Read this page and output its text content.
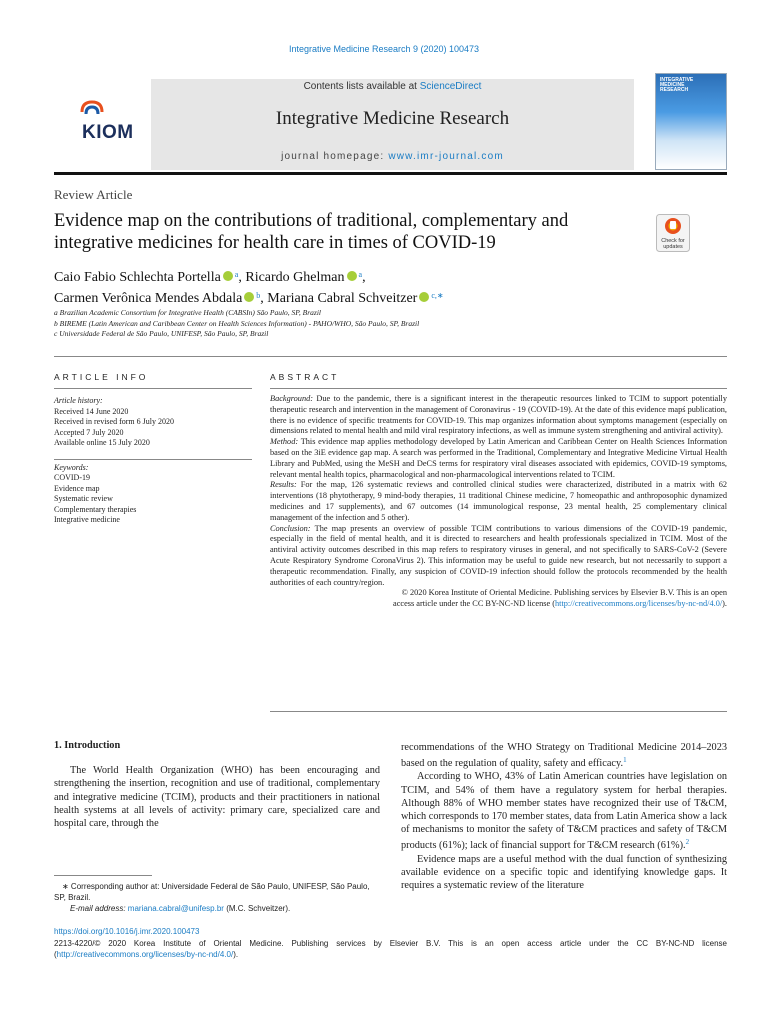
Integrative Medicine Research 9 (2020) 100473
KIOM
Contents lists available at ScienceDirect
Integrative Medicine Research
journal homepage: www.imr-journal.com
INTEGRATIVE MEDICINE RESEARCH
Review Article
Evidence map on the contributions of traditional, complementary and integrative medicines for health care in times of COVID-19	Check for updates
Caio Fabio Schlechta Portella $^a$, Ricardo Ghelman $^a$,
Carmen Verônica Mendes Abdala $^b$, Mariana Cabral Schveitzer $^{c,∗}$
a Brazilian Academic Consortium for Integrative Health (CABSIn) São Paulo, SP, Brazil
b BIREME (Latin American and Caribbean Center on Health Sciences Information) - PAHO/WHO, São Paulo, SP, Brazil
c Universidade Federal de São Paulo, UNIFESP, São Paulo, SP, Brazil
ARTICLE INFO	ABSTRACT
Article history:
Received 14 June 2020
Received in revised form 6 July 2020
Accepted 7 July 2020
Available online 15 July 2020
Keywords:
COVID-19
Evidence map
Systematic review
Complementary therapies
Integrative medicine

Background: Due to the pandemic, there is a significant interest in the therapeutic resources linked to TCIM to support potentially therapeutic research and intervention in the management of Coronavirus - 19 (COVID-19). At the date of this evidence mapś publication, there is no evidence of specific treatments for COVID-19. This map organizes information about symptoms management (especially on dimensions related to mental health and mild viral respiratory infections, as well as immune system strengthening and antiviral activity).

Method: This evidence map applies methodology developed by Latin American and Caribbean Center on Health Sciences Information based on the 3iE evidence gap map. A search was performed in the Traditional, Complementary and Integrative Medicine Virtual Health Library and PubMed, using the MeSH and DeCS terms for respiratory viral diseases associated with epidemics, COVID-19 symptoms, relevant mental health topics, pharmacological and non-pharmacological interventions related to TCIM.

Results: For the map, 126 systematic reviews and controlled clinical studies were characterized, distributed in a matrix with 62 interventions (18 phytotherapy, 9 mind-body therapies, 11 traditional Chinese medicine, 7 homeopathic and anthroposophic dynamized medicines and 17 supplements), and 67 outcomes (14 immunological response, 23 mental health, 25 complementary clinical management of the infection and 5 other).

Conclusion: The map presents an overview of possible TCIM contributions to various dimensions of the COVID-19 pandemic, especially in the field of mental health, and it is directed to researchers and health professionals specialized in TCIM. Most of the antiviral activity outcomes described in this map refers to respiratory viruses in general, and not specifically to SARS-CoV-2 (Severe Acute Respiratory Syndrome CoronaVirus 2). This information may be useful to guide new research, but not necessarily to support a therapeutic recommendation. Finally, any suspicion of COVID-19 infection should follow the protocols recommended by the health authorities of each country/region.

© 2020 Korea Institute of Oriental Medicine. Publishing services by Elsevier B.V. This is an open

access article under the CC BY-NC-ND license (http://creativecommons.org/licenses/by-nc-nd/4.0/).

1. Introduction

The World Health Organization (WHO) has been encouraging and strengthening the insertion, recognition and use of traditional, complementary and integrative medicine (TCIM), products and their practitioners in national health systems at all levels of activity: primary care, specialized care and hospital care, through the

recommendations of the WHO Strategy on Traditional Medicine 2014–2023 based on the regulation of quality, safety and efficacy.$^1$

According to WHO, 43% of Latin American countries have legislation on TCIM, and 54% of them have a regulatory system for herbal therapies. Although 88% of WHO member states have recognized their use of T&CM, which corresponds to 170 member states, data from Latin America show a lack of mechanisms to monitor the safety of T&CM practices and safety of T&CM products (61%); lack of financial support for T&CM research (61%).$^2$

Evidence maps are a useful method with the dual function of synthesizing available evidence on a specific topic and identifying knowledge gaps. It requires a systematic review of the literature

∗ Corresponding author at: Universidade Federal de São Paulo, UNIFESP, São Paulo, SP, Brazil.
E-mail address: mariana.cabral@unifesp.br (M.C. Schveitzer).
https://doi.org/10.1016/j.imr.2020.100473
2213-4220/© 2020 Korea Institute of Oriental Medicine. Publishing services by Elsevier B.V. This is an open access article under the CC BY-NC-ND license (http://creativecommons.org/licenses/by-nc-nd/4.0/).
